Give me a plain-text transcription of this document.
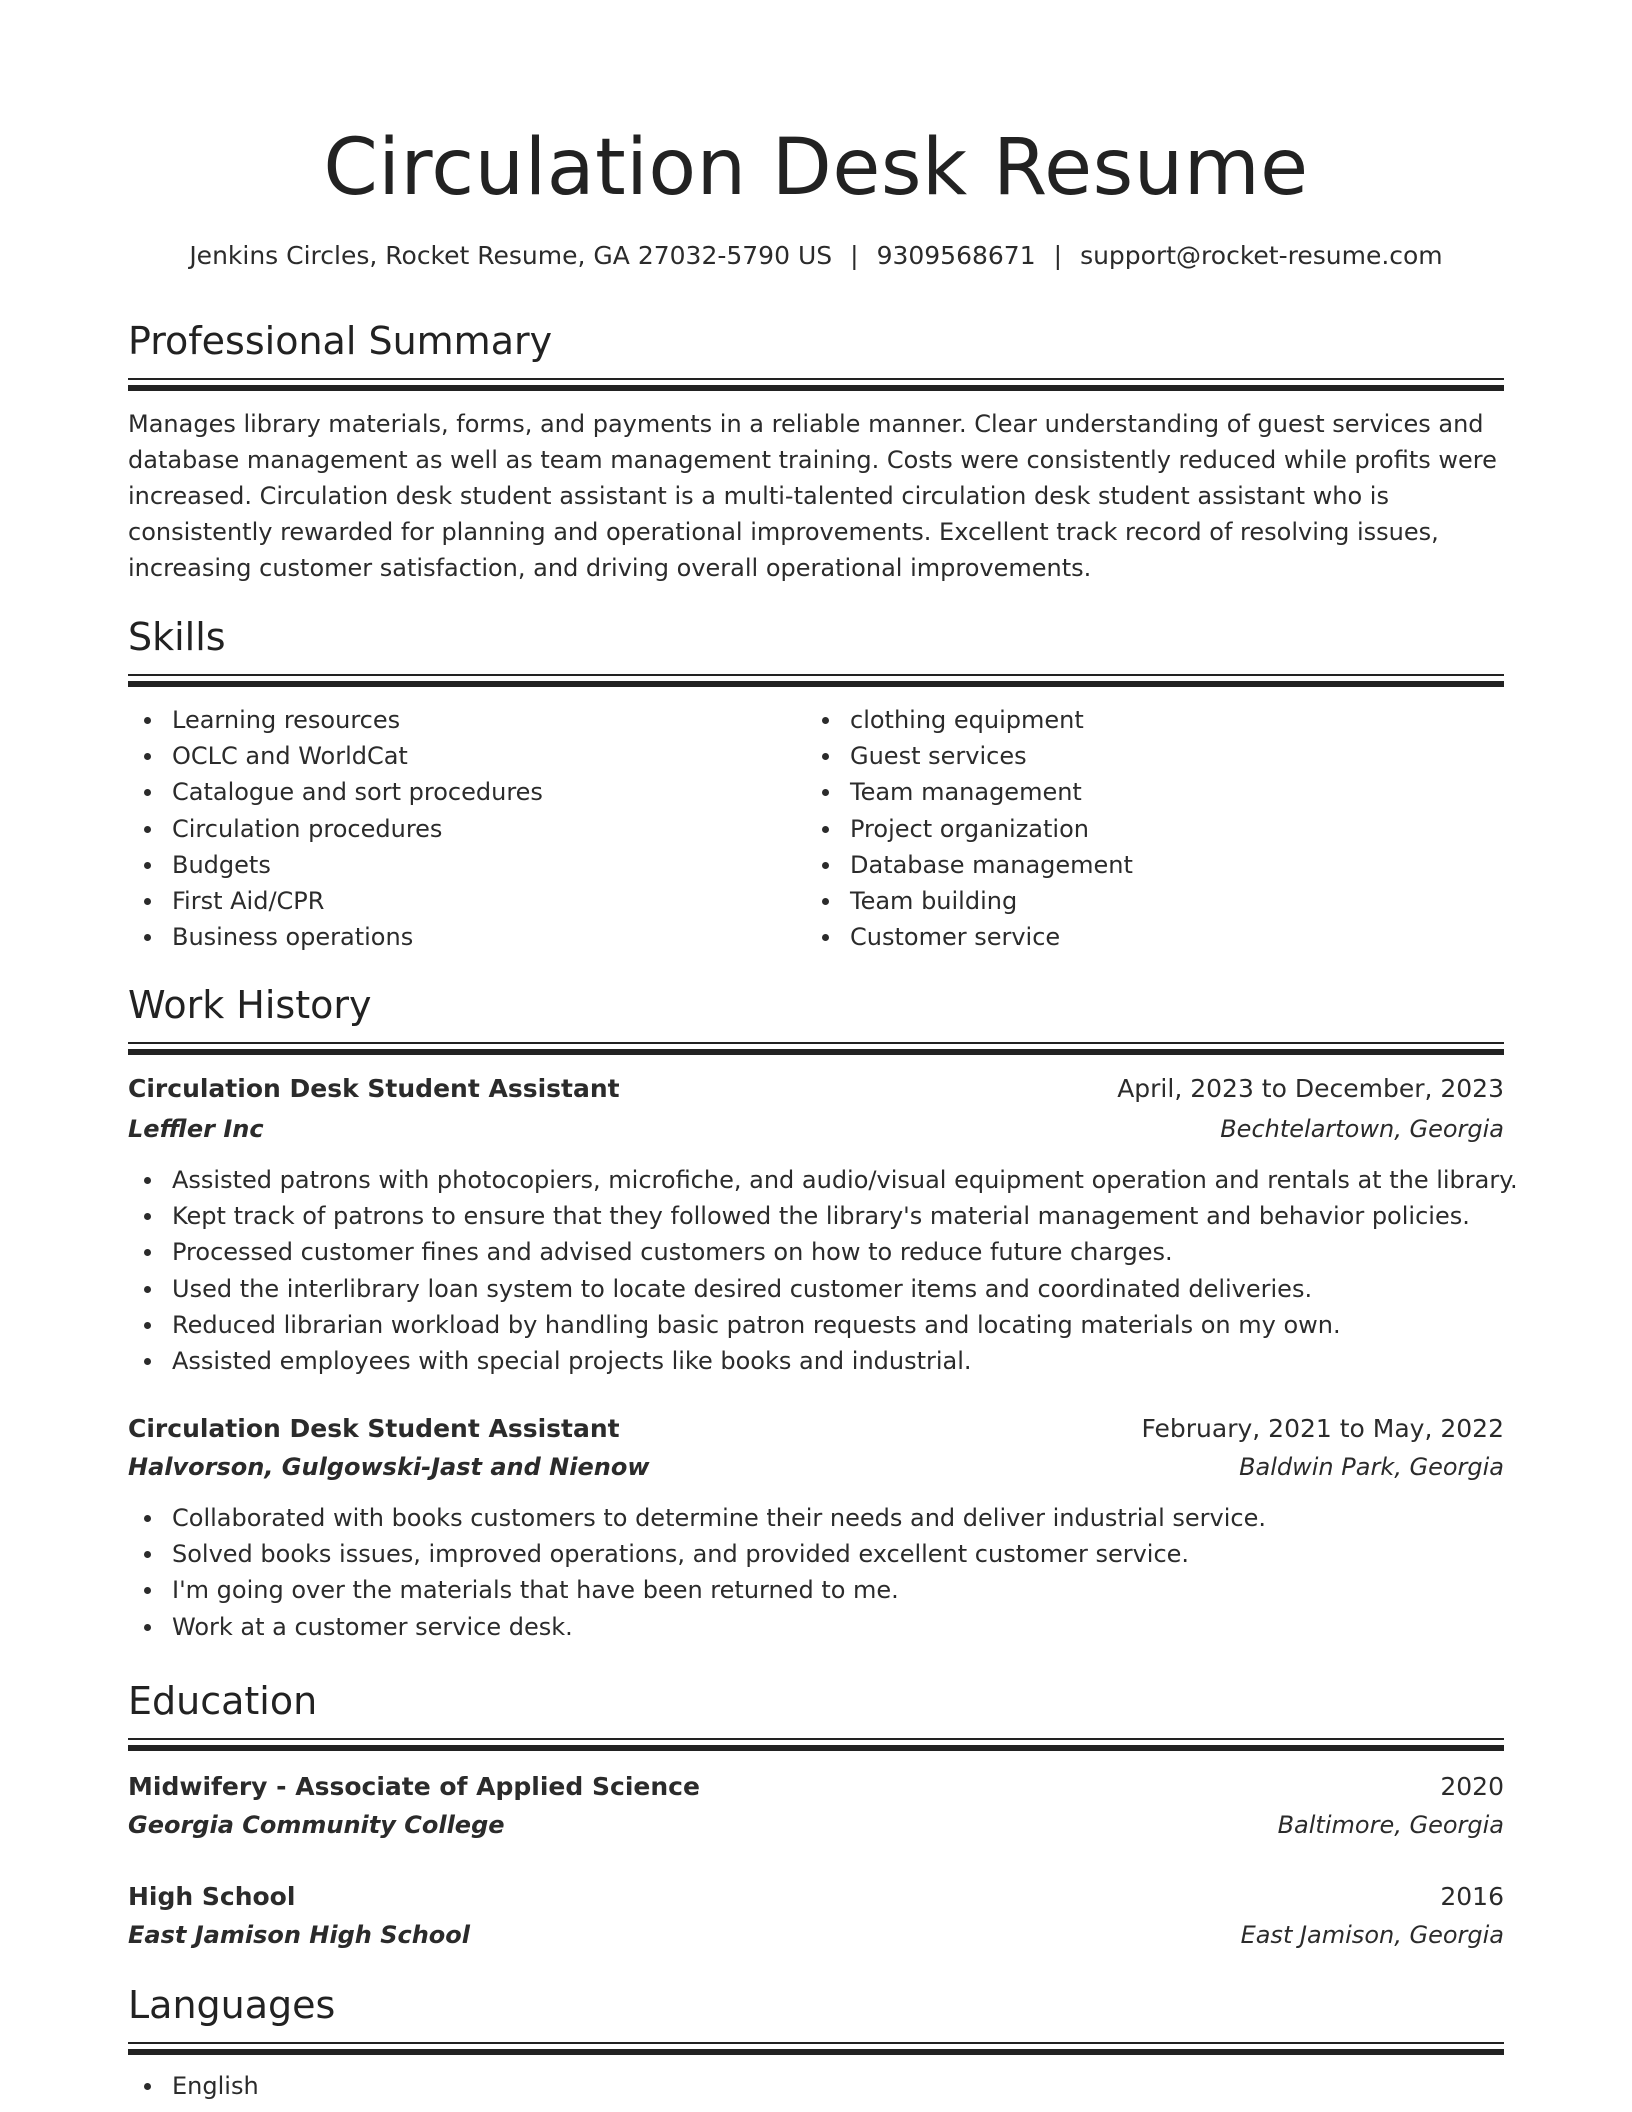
Circulation Desk Resume
Jenkins Circles, Rocket Resume, GA 27032-5790 US | 9309568671 | support@rocket-resume.com
Professional Summary

Manages library materials, forms, and payments in a reliable manner. Clear understanding of guest services and database management as well as team management training. Costs were consistently reduced while profits were increased. Circulation desk student assistant is a multi-talented circulation desk student assistant who is consistently rewarded for planning and operational improvements. Excellent track record of resolving issues, increasing customer satisfaction, and driving overall operational improvements.

Skills
Learning resources
OCLC and WorldCat
Catalogue and sort procedures
Circulation procedures
Budgets
First Aid/CPR
Business operations
clothing equipment
Guest services
Team management
Project organization
Database management
Team building
Customer service
Work History
Circulation Desk Student Assistant	April, 2023 to December, 2023
Leffler Inc	Bechtelartown, Georgia
Assisted patrons with photocopiers, microfiche, and audio/visual equipment operation and rentals at the library.
Kept track of patrons to ensure that they followed the library's material management and behavior policies.
Processed customer fines and advised customers on how to reduce future charges.
Used the interlibrary loan system to locate desired customer items and coordinated deliveries.
Reduced librarian workload by handling basic patron requests and locating materials on my own.
Assisted employees with special projects like books and industrial.
Circulation Desk Student Assistant	February, 2021 to May, 2022
Halvorson, Gulgowski-Jast and Nienow	Baldwin Park, Georgia
Collaborated with books customers to determine their needs and deliver industrial service.
Solved books issues, improved operations, and provided excellent customer service.
I'm going over the materials that have been returned to me.
Work at a customer service desk.
Education
Midwifery - Associate of Applied Science	2020
Georgia Community College	Baltimore, Georgia
High School	2016
East Jamison High School	East Jamison, Georgia
Languages
English
